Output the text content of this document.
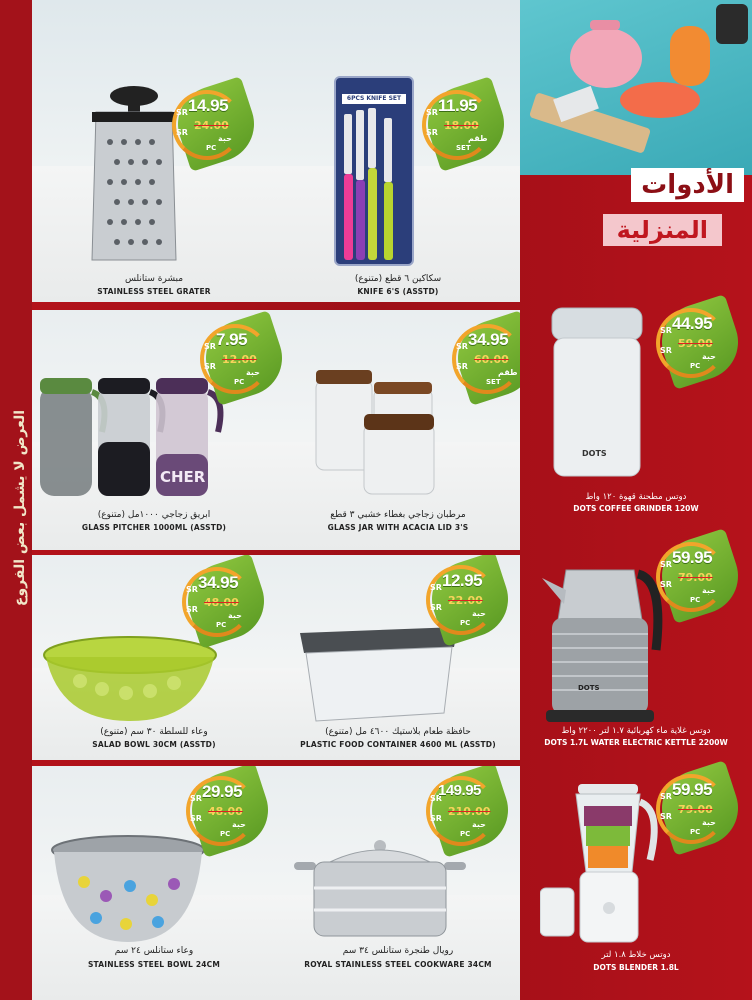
العرض لا يشمل بعض الفروع
SR
SR
14.95
24.00
حبة
PC
مبشرة ستانلس
STAINLESS STEEL GRATER
6PCS KNIFE SET
SR
SR
11.95
18.00
طقم
SET
سكاكين ٦ قطع (متنوع)
KNIFE 6'S (ASSTD)
CHER
SR
SR
7.95
12.00
حبة
PC
ابريق زجاجي ١٠٠٠مل (متنوع)
GLASS PITCHER 1000ML (ASSTD)
SR
SR
34.95
60.00
طقم
SET
مرطبان زجاجي بغطاء خشبي ٣ قطع
GLASS JAR WITH ACACIA LID 3'S
SR
SR
34.95
48.00
حبة
PC
وعاء للسلطة ٣٠ سم (متنوع)
SALAD BOWL 30CM (ASSTD)
SR
SR
12.95
22.00
حبة
PC
حافظة طعام بلاستيك ٤٦٠٠ مل (متنوع)
PLASTIC FOOD CONTAINER 4600 ML (ASSTD)
SR
SR
29.95
48.00
حبة
PC
وعاء ستانلس ٢٤ سم
STAINLESS STEEL BOWL 24CM
SR
SR
149.95
210.00
حبة
PC
رويال طنجرة ستانلس ٣٤ سم
ROYAL STAINLESS STEEL COOKWARE 34CM
الأدوات
المنزلية
DOTS
SR
SR
44.95
59.00
حبة
PC
دوتس مطحنة قهوة ١٢٠ واط
DOTS COFFEE GRINDER 120W
DOTS
SR
SR
59.95
79.00
حبة
PC
دوتس غلاية ماء كهربائية ١.٧ لتر ٢٢٠٠ واط
DOTS 1.7L WATER ELECTRIC KETTLE 2200W
SR
SR
59.95
79.00
حبة
PC
دوتس خلاط ١.٨ لتر
DOTS BLENDER 1.8L
